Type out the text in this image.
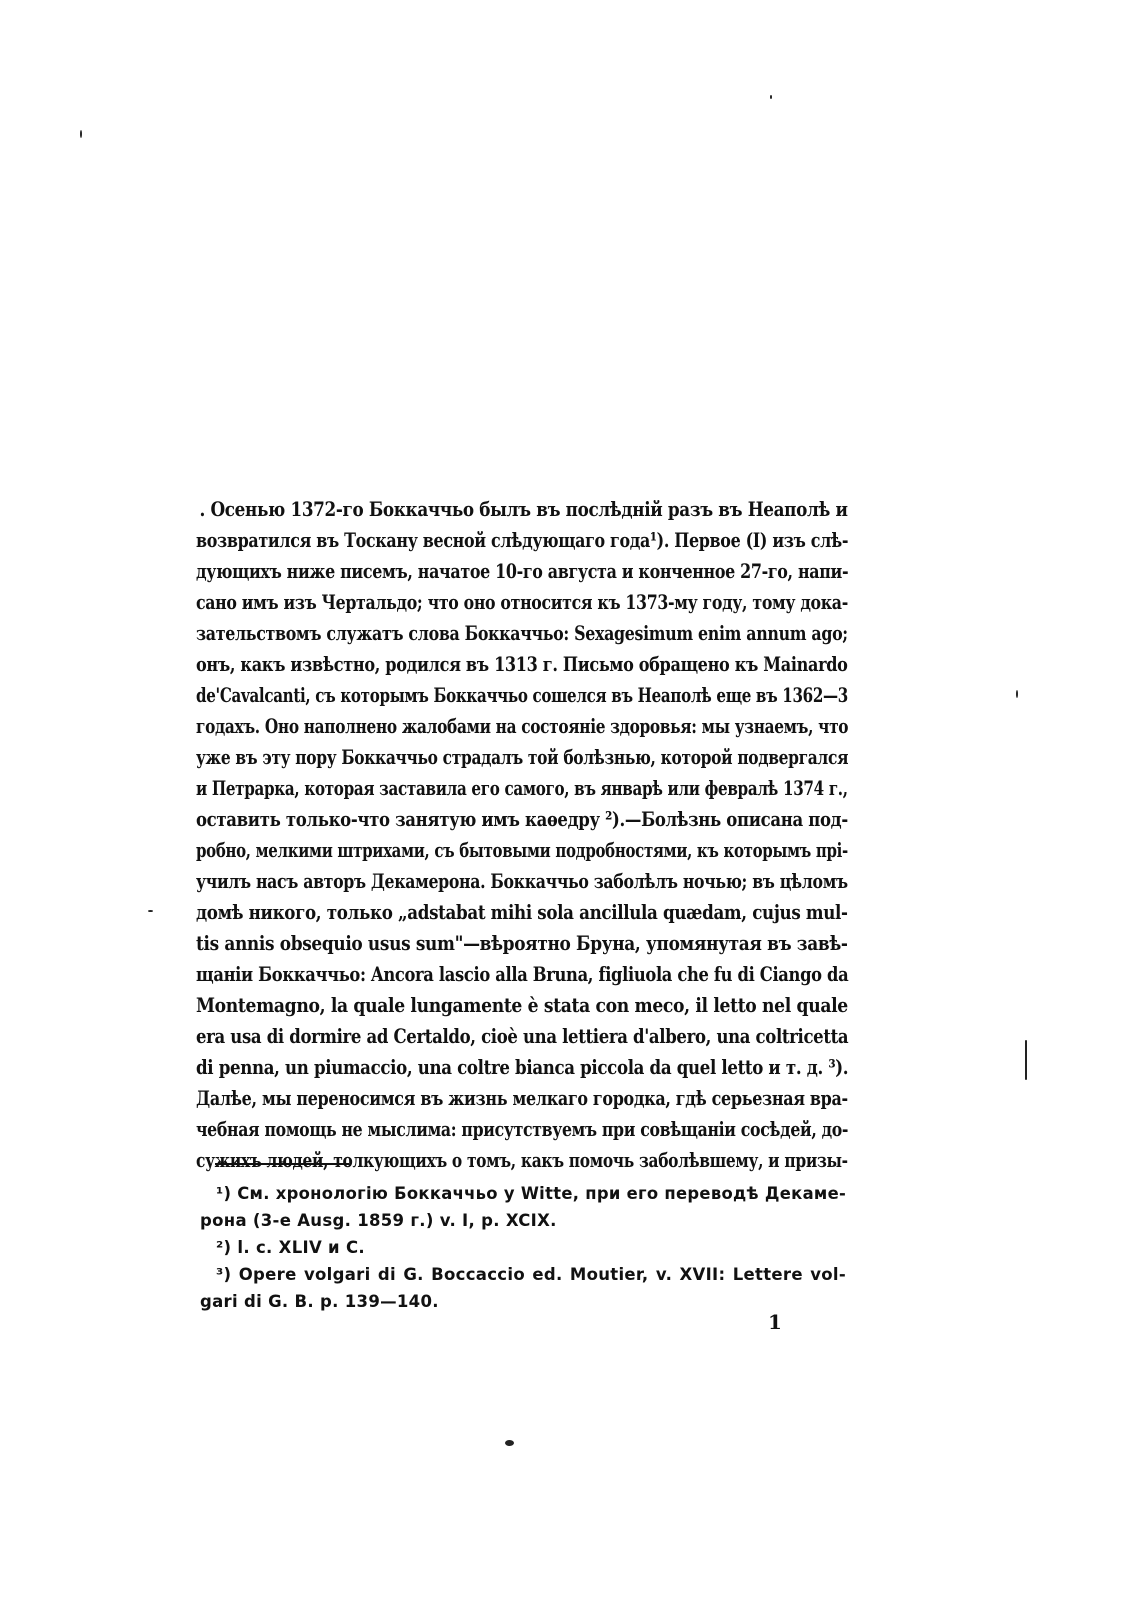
. Осенью 1372-го Боккаччьо былъ въ послѣдній разъ въ Неаполѣ и
возвратился въ Тоскану весной слѣдующаго года¹). Первое (I) изъ слѣ-
дующихъ ниже писемъ, начатое 10-го августа и конченное 27-го, напи-
сано имъ изъ Чертальдо; что оно относится къ 1373-му году, тому дока-
зательствомъ служатъ слова Боккаччьо: Sexagesimum enim annum ago;
онъ, какъ извѣстно, родился въ 1313 г. Письмо обращено къ Mainardo
de'Cavalcanti, съ которымъ Боккаччьо сошелся въ Неаполѣ еще въ 1362—3
годахъ. Оно наполнено жалобами на состояніе здоровья: мы узнаемъ, что
уже въ эту пору Боккаччьо страдалъ той болѣзнью, которой подвергался
и Петрарка, которая заставила его самого, въ январѣ или февралѣ 1374 г.,
оставить только-что занятую имъ каѳедру ²).—Болѣзнь описана под-
робно, мелкими штрихами, съ бытовыми подробностями, къ которымъ прі-
училъ насъ авторъ Декамерона. Боккаччьо заболѣлъ ночью; въ цѣломъ
домѣ никого, только „adstabat mihi sola ancillula quædam, cujus mul-
tis annis obsequio usus sum"—вѣроятно Бруна, упомянутая въ завѣ-
щаніи Боккаччьо: Ancora lascio alla Bruna, figliuola che fu di Ciango da
Montemagno, la quale lungamente è stata con meco, il letto nel quale
era usa di dormire ad Certaldo, cioè una lettiera d'albero, una coltricetta
di penna, un piumaccio, una coltre bianca piccola da quel letto и т. д. ³).
Далѣе, мы переносимся въ жизнь мелкаго городка, гдѣ серьезная вра-
чебная помощь не мыслима: присутствуемъ при совѣщаніи сосѣдей, до-
сужихъ людей, толкующихъ о томъ, какъ помочь заболѣвшему, и призы-
¹) См. хронологію Боккаччьо у Witte, при его переводѣ Декаме-
рона (3-е Ausg. 1859 г.) v. I, p. XCIX.
²) l. c. XLIV и С.
³) Opere volgari di G. Boccaccio ed. Moutier, v. XVII: Lettere vol-
gari di G. B. p. 139—140.
1
